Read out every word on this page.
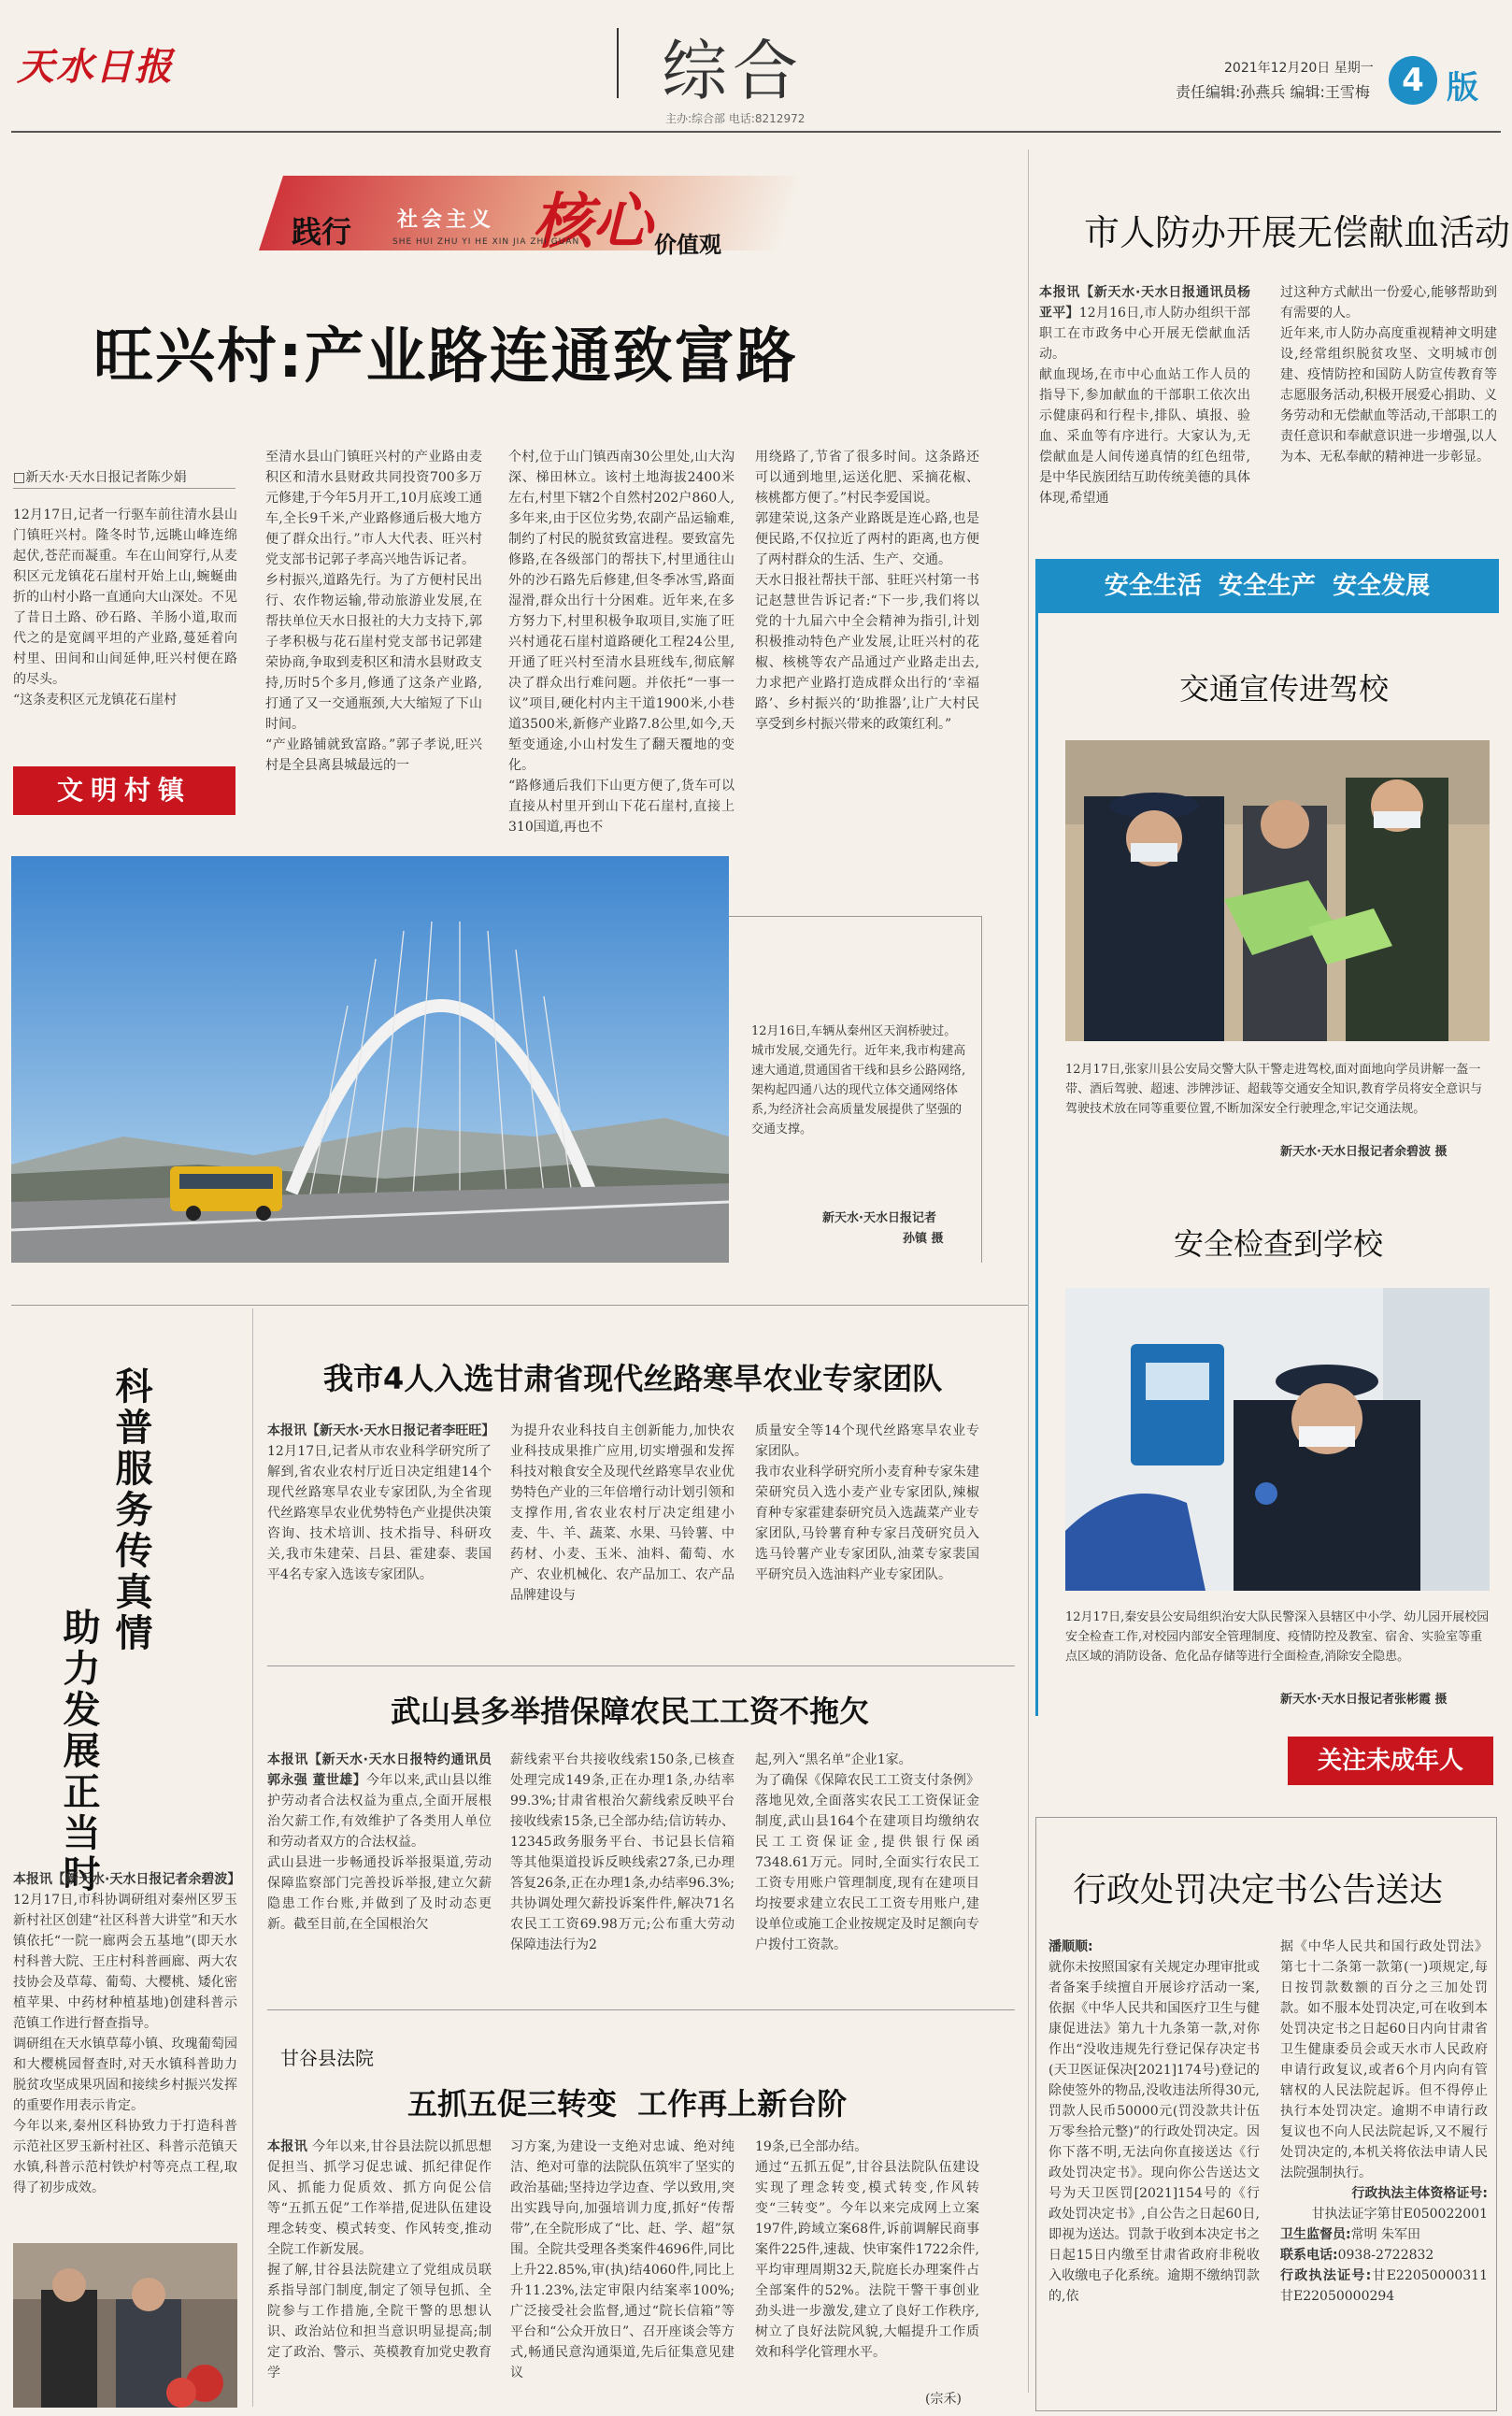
天水日报	综合
主办:综合部 电话:8212972
2021年12月20日 星期一
责任编辑:孙燕兵 编辑:王雪梅	4 版
践行 社会主义 核心 价值观
SHE HUI ZHU YI HE XIN JIA ZHI GUAN
旺兴村:产业路连通致富路
□新天水·天水日报记者陈少娟
12月17日,记者一行驱车前往清水县山门镇旺兴村。隆冬时节,远眺山峰连绵起伏,苍茫而凝重。车在山间穿行,从麦积区元龙镇花石崖村开始上山,蜿蜒曲折的山村小路一直通向大山深处。不见了昔日土路、砂石路、羊肠小道,取而代之的是宽阔平坦的产业路,蔓延着向村里、田间和山间延伸,旺兴村便在路的尽头。
“这条麦积区元龙镇花石崖村
文明村镇
至清水县山门镇旺兴村的产业路由麦积区和清水县财政共同投资700多万元修建,于今年5月开工,10月底竣工通车,全长9千米,产业路修通后极大地方便了群众出行。”市人大代表、旺兴村党支部书记郭子孝高兴地告诉记者。
乡村振兴,道路先行。为了方便村民出行、农作物运输,带动旅游业发展,在帮扶单位天水日报社的大力支持下,郭子孝积极与花石崖村党支部书记郭建荣协商,争取到麦积区和清水县财政支持,历时5个多月,修通了这条产业路,打通了又一交通瓶颈,大大缩短了下山时间。
“产业路铺就致富路。”郭子孝说,旺兴村是全县离县城最远的一
个村,位于山门镇西南30公里处,山大沟深、梯田林立。该村土地海拔2400米左右,村里下辖2个自然村202户860人,多年来,由于区位劣势,农副产品运输难,制约了村民的脱贫致富进程。要致富先修路,在各级部门的帮扶下,村里通往山外的沙石路先后修建,但冬季冰雪,路面湿滑,群众出行十分困难。近年来,在多方努力下,村里积极争取项目,实施了旺兴村通花石崖村道路硬化工程24公里,开通了旺兴村至清水县班线车,彻底解决了群众出行难问题。并依托“一事一议”项目,硬化村内主干道1900米,小巷道3500米,新修产业路7.8公里,如今,天堑变通途,小山村发生了翻天覆地的变化。
“路修通后我们下山更方便了,货车可以直接从村里开到山下花石崖村,直接上310国道,再也不
用绕路了,节省了很多时间。这条路还可以通到地里,运送化肥、采摘花椒、核桃都方便了。”村民李爱国说。
郭建荣说,这条产业路既是连心路,也是便民路,不仅拉近了两村的距离,也方便了两村群众的生活、生产、交通。
天水日报社帮扶干部、驻旺兴村第一书记赵慧世告诉记者:“下一步,我们将以党的十九届六中全会精神为指引,计划积极推动特色产业发展,让旺兴村的花椒、核桃等农产品通过产业路走出去,力求把产业路打造成群众出行的‘幸福路’、乡村振兴的‘助推器’,让广大村民享受到乡村振兴带来的政策红利。”
12月16日,车辆从秦州区天润桥驶过。城市发展,交通先行。近年来,我市构建高速大通道,贯通国省干线和县乡公路网络,架构起四通八达的现代立体交通网络体系,为经济社会高质量发展提供了坚强的交通支撑。
新天水·天水日报记者
孙镇 摄
市人防办开展无偿献血活动
本报讯【新天水·天水日报通讯员杨亚平】12月16日,市人防办组织干部职工在市政务中心开展无偿献血活动。
献血现场,在市中心血站工作人员的指导下,参加献血的干部职工依次出示健康码和行程卡,排队、填报、验血、采血等有序进行。大家认为,无偿献血是人间传递真情的红色纽带,是中华民族团结互助传统美德的具体体现,希望通
过这种方式献出一份爱心,能够帮助到有需要的人。
近年来,市人防办高度重视精神文明建设,经常组织脱贫攻坚、文明城市创建、疫情防控和国防人防宣传教育等志愿服务活动,积极开展爱心捐助、义务劳动和无偿献血等活动,干部职工的责任意识和奉献意识进一步增强,以人为本、无私奉献的精神进一步彰显。
安全生活  安全生产  安全发展
交通宣传进驾校
12月17日,张家川县公安局交警大队干警走进驾校,面对面地向学员讲解一盔一带、酒后驾驶、超速、涉牌涉证、超载等交通安全知识,教育学员将安全意识与驾驶技术放在同等重要位置,不断加深安全行驶理念,牢记交通法规。
新天水·天水日报记者余碧波 摄
安全检查到学校
12月17日,秦安县公安局组织治安大队民警深入县辖区中小学、幼儿园开展校园安全检查工作,对校园内部安全管理制度、疫情防控及教室、宿舍、实验室等重点区域的消防设备、危化品存储等进行全面检查,消除安全隐患。
新天水·天水日报记者张彬霞 摄
关注未成年人
行政处罚决定书公告送达
潘顺顺:
就你未按照国家有关规定办理审批或者备案手续擅自开展诊疗活动一案,依据《中华人民共和国医疗卫生与健康促进法》第九十九条第一款,对你作出“没收违规先行登记保存决定书(天卫医证保决[2021]174号)登记的除使签外的物品,没收违法所得30元,罚款人民币50000元(罚没款共计伍万零叁拾元整)”的行政处罚决定。因你下落不明,无法向你直接送达《行政处罚决定书》。现向你公告送达文号为天卫医罚[2021]154号的《行政处罚决定书》,自公告之日起60日,即视为送达。罚款于收到本决定书之日起15日内缴至甘肃省政府非税收入收缴电子化系统。逾期不缴纳罚款的,依
据《中华人民共和国行政处罚法》第七十二条第一款第(一)项规定,每日按罚款数额的百分之三加处罚款。如不服本处罚决定,可在收到本处罚决定书之日起60日内向甘肃省卫生健康委员会或天水市人民政府申请行政复议,或者6个月内向有管辖权的人民法院起诉。但不得停止执行本处罚决定。逾期不申请行政复议也不向人民法院起诉,又不履行处罚决定的,本机关将依法申请人民法院强制执行。
行政执法主体资格证号:
甘执法证字第甘E050022001
卫生监督员:常明 朱军田
联系电话:0938-2722832
行政执法证号:甘E22050000311 甘E22050000294
科普服务传真情
助力发展正当时
本报讯【新天水·天水日报记者余碧波】12月17日,市科协调研组对秦州区罗玉新村社区创建“社区科普大讲堂”和天水镇依托“一院一廊两会五基地”(即天水村科普大院、王庄村科普画廊、两大农技协会及草莓、葡萄、大樱桃、矮化密植苹果、中药材种植基地)创建科普示范镇工作进行督查指导。
调研组在天水镇草莓小镇、玫瑰葡萄园和大樱桃园督查时,对天水镇科普助力脱贫攻坚成果巩固和接续乡村振兴发挥的重要作用表示肯定。
今年以来,秦州区科协致力于打造科普示范社区罗玉新村社区、科普示范镇天水镇,科普示范村铁炉村等亮点工程,取得了初步成效。
我市4人入选甘肃省现代丝路寒旱农业专家团队
本报讯【新天水·天水日报记者李旺旺】12月17日,记者从市农业科学研究所了解到,省农业农村厅近日决定组建14个现代丝路寒旱农业专家团队,为全省现代丝路寒旱农业优势特色产业提供决策咨询、技术培训、技术指导、科研攻关,我市朱建荣、吕县、霍建泰、裴国平4名专家入选该专家团队。
为提升农业科技自主创新能力,加快农业科技成果推广应用,切实增强和发挥科技对粮食安全及现代丝路寒旱农业优势特色产业的三年倍增行动计划引领和支撑作用,省农业农村厅决定组建小麦、牛、羊、蔬菜、水果、马铃薯、中药材、小麦、玉米、油料、葡萄、水产、农业机械化、农产品加工、农产品品牌建设与
质量安全等14个现代丝路寒旱农业专家团队。
我市农业科学研究所小麦育种专家朱建荣研究员入选小麦产业专家团队,辣椒育种专家霍建泰研究员入选蔬菜产业专家团队,马铃薯育种专家吕茂研究员入选马铃薯产业专家团队,油菜专家裴国平研究员入选油料产业专家团队。
武山县多举措保障农民工工资不拖欠
本报讯【新天水·天水日报特约通讯员郭永强 董世雄】今年以来,武山县以维护劳动者合法权益为重点,全面开展根治欠薪工作,有效维护了各类用人单位和劳动者双方的合法权益。
武山县进一步畅通投诉举报渠道,劳动保障监察部门完善投诉举报,建立欠薪隐患工作台账,并做到了及时动态更新。截至目前,在全国根治欠
薪线索平台共接收线索150条,已核查处理完成149条,正在办理1条,办结率99.3%;甘肃省根治欠薪线索反映平台接收线索15条,已全部办结;信访转办、12345政务服务平台、书记县长信箱等其他渠道投诉反映线索27条,已办理答复26条,正在办理1条,办结率96.3%;共协调处理欠薪投诉案件件,解决71名农民工工资69.98万元;公布重大劳动保障违法行为2
起,列入“黑名单”企业1家。
为了确保《保障农民工工资支付条例》落地见效,全面落实农民工工资保证金制度,武山县164个在建项目均缴纳农民工工资保证金,提供银行保函7348.61万元。同时,全面实行农民工工资专用账户管理制度,现有在建项目均按要求建立农民工工资专用账户,建设单位或施工企业按规定及时足额向专户拨付工资款。
甘谷县法院
五抓五促三转变  工作再上新台阶
本报讯 今年以来,甘谷县法院以抓思想促担当、抓学习促忠诚、抓纪律促作风、抓能力促质效、抓方向促公信等“五抓五促”工作举措,促进队伍建设理念转变、模式转变、作风转变,推动全院工作新发展。
握了解,甘谷县法院建立了党组成员联系指导部门制度,制定了领导包抓、全院参与工作措施,全院干警的思想认识、政治站位和担当意识明显提高;制定了政治、警示、英模教育加党史教育学
习方案,为建设一支绝对忠诚、绝对纯洁、绝对可靠的法院队伍筑牢了坚实的政治基础;坚持边学边查、学以致用,突出实践导向,加强培训力度,抓好“传帮带”,在全院形成了“比、赶、学、超”氛围。全院共受理各类案件4696件,同比上升22.85%,审(执)结4060件,同比上升11.23%,法定审限内结案率100%;广泛接受社会监督,通过“院长信箱”等平台和“公众开放日”、召开座谈会等方式,畅通民意沟通渠道,先后征集意见建议
19条,已全部办结。
通过“五抓五促”,甘谷县法院队伍建设实现了理念转变,模式转变,作风转变“三转变”。今年以来完成网上立案197件,跨域立案68件,诉前调解民商事案件225件,速裁、快审案件1722余件,平均审理周期32天,院庭长办理案件占全部案件的52%。法院干警干事创业劲头进一步激发,建立了良好工作秩序,树立了良好法院风貌,大幅提升工作质效和科学化管理水平。
(宗禾)
